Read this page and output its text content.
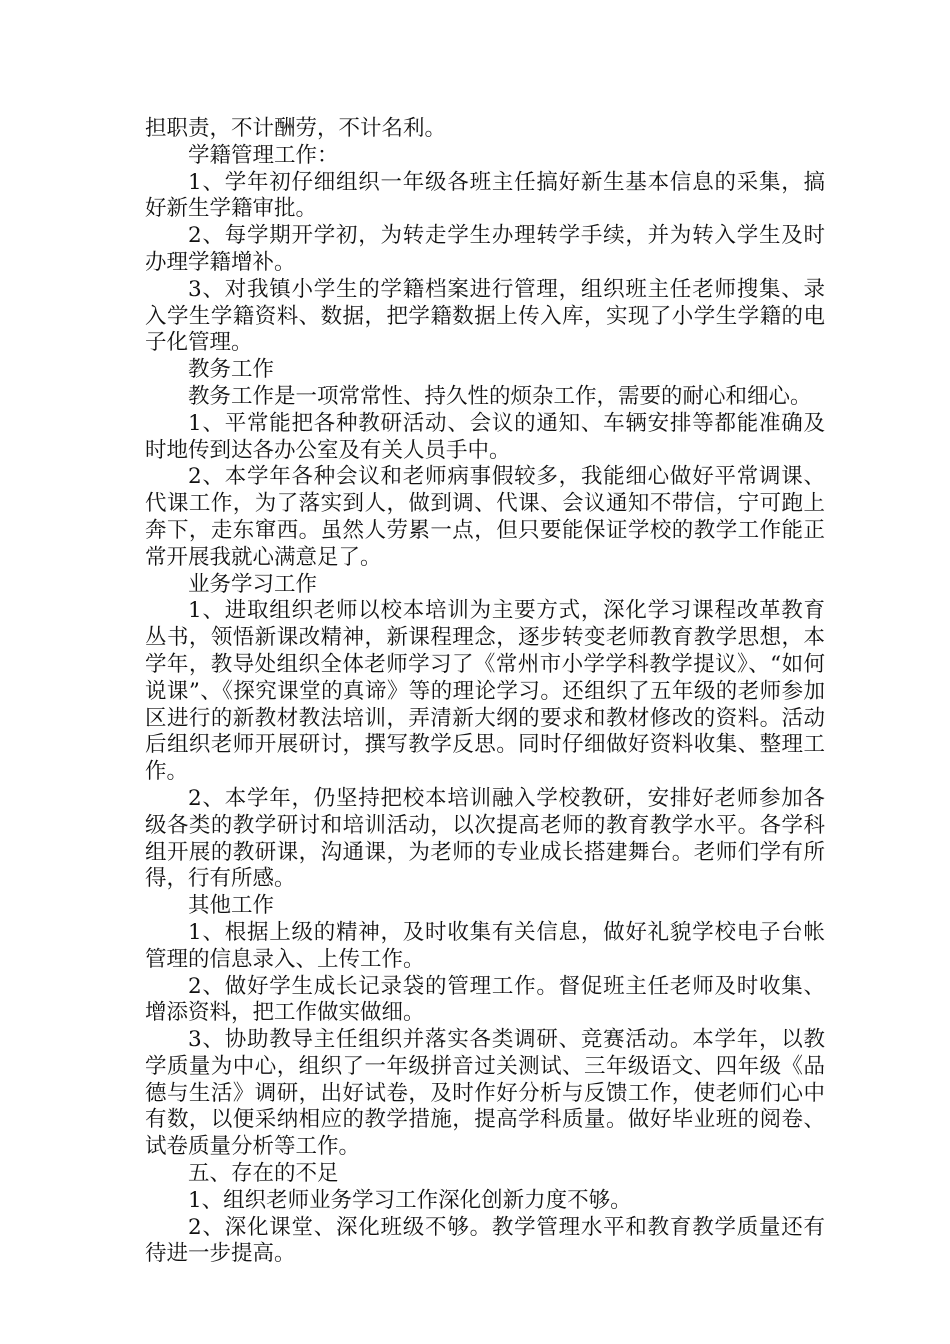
担职责，不计酬劳，不计名利。

学籍管理工作：

1、学年初仔细组织一年级各班主任搞好新生基本信息的采集，搞好新生学籍审批。

2、每学期开学初，为转走学生办理转学手续，并为转入学生及时办理学籍增补。

3、对我镇小学生的学籍档案进行管理，组织班主任老师搜集、录入学生学籍资料、数据，把学籍数据上传入库，实现了小学生学籍的电子化管理。

教务工作

教务工作是一项常常性、持久性的烦杂工作，需要的耐心和细心。

1、平常能把各种教研活动、会议的通知、车辆安排等都能准确及时地传到达各办公室及有关人员手中。

2、本学年各种会议和老师病事假较多，我能细心做好平常调课、代课工作，为了落实到人，做到调、代课、会议通知不带信，宁可跑上奔下，走东窜西。虽然人劳累一点，但只要能保证学校的教学工作能正常开展我就心满意足了。

业务学习工作

1、进取组织老师以校本培训为主要方式，深化学习课程改革教育丛书，领悟新课改精神，新课程理念，逐步转变老师教育教学思想，本学年，教导处组织全体老师学习了《常州市小学学科教学提议》、“如何说课”、《探究课堂的真谛》等的理论学习。还组织了五年级的老师参加区进行的新教材教法培训，弄清新大纲的要求和教材修改的资料。活动后组织老师开展研讨，撰写教学反思。同时仔细做好资料收集、整理工作。

2、本学年，仍坚持把校本培训融入学校教研，安排好老师参加各级各类的教学研讨和培训活动，以次提高老师的教育教学水平。各学科组开展的教研课，沟通课，为老师的专业成长搭建舞台。老师们学有所得，行有所感。

其他工作

1、根据上级的精神，及时收集有关信息，做好礼貌学校电子台帐管理的信息录入、上传工作。

2、做好学生成长记录袋的管理工作。督促班主任老师及时收集、增添资料，把工作做实做细。

3、协助教导主任组织并落实各类调研、竞赛活动。本学年，以教学质量为中心，组织了一年级拼音过关测试、三年级语文、四年级《品德与生活》调研，出好试卷，及时作好分析与反馈工作，使老师们心中有数，以便采纳相应的教学措施，提高学科质量。做好毕业班的阅卷、试卷质量分析等工作。

五、存在的不足

1、组织老师业务学习工作深化创新力度不够。

2、深化课堂、深化班级不够。教学管理水平和教育教学质量还有待进一步提高。
